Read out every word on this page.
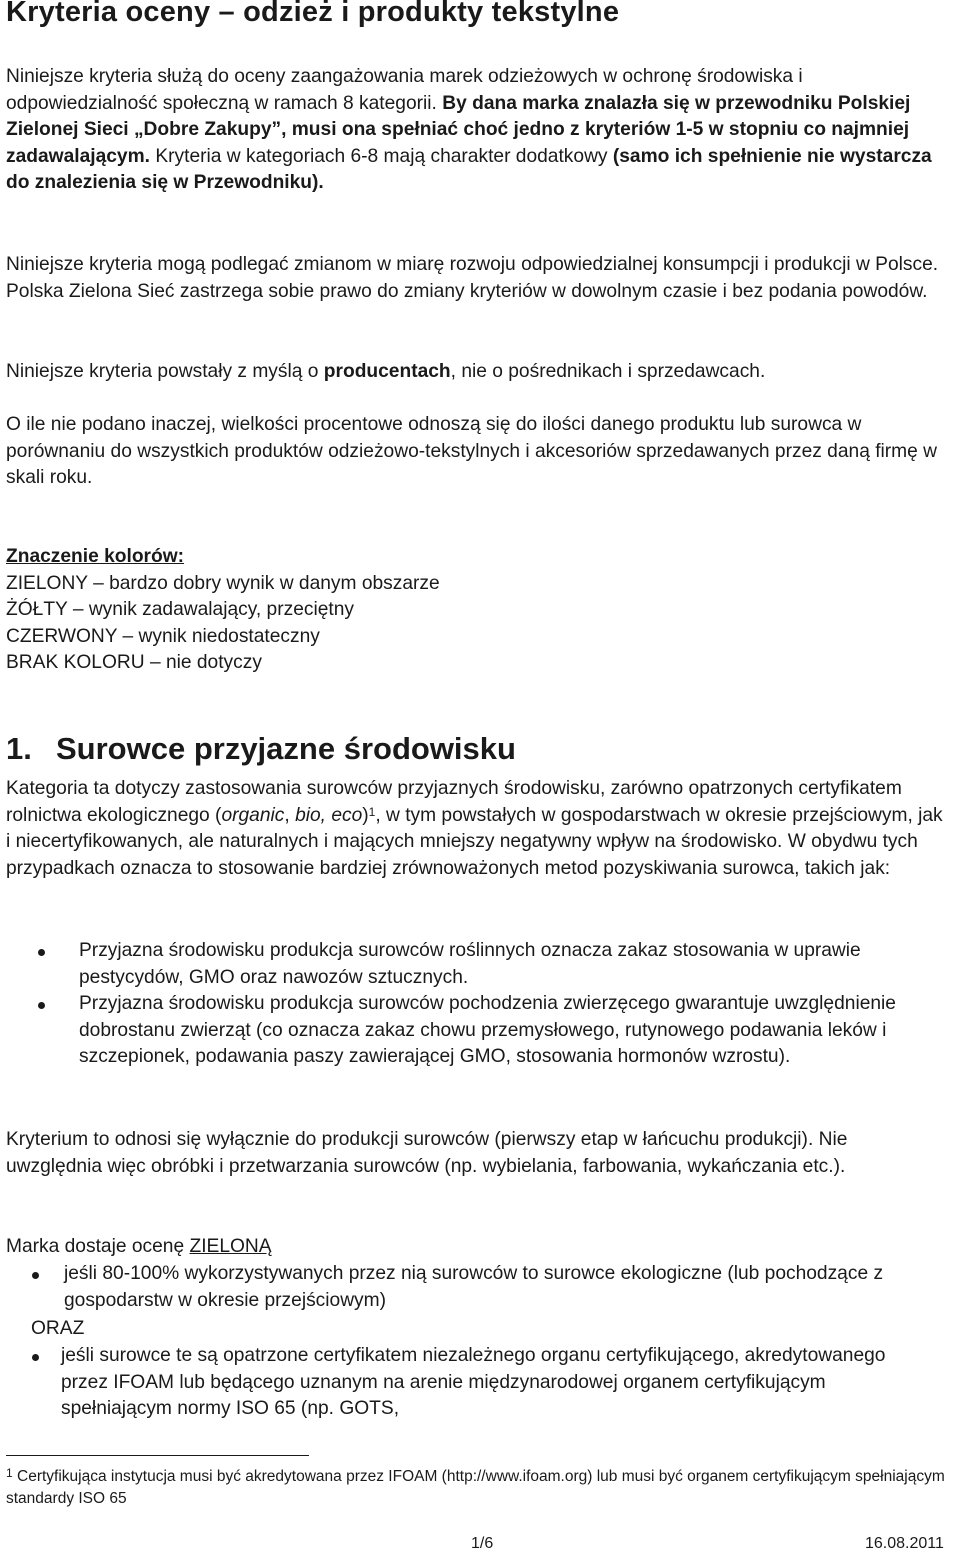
Kryteria oceny – odzież i produkty tekstylne
Niniejsze kryteria służą do oceny zaangażowania marek odzieżowych w ochronę środowiska i odpowiedzialność społeczną w ramach 8 kategorii. By dana marka znalazła się w przewodniku Polskiej Zielonej Sieci „Dobre Zakupy”, musi ona spełniać choć jedno z kryteriów 1-5 w stopniu co najmniej zadawalającym. Kryteria w kategoriach 6-8 mają charakter dodatkowy (samo ich spełnienie nie wystarcza do znalezienia się w Przewodniku).
Niniejsze kryteria mogą podlegać zmianom w miarę rozwoju odpowiedzialnej konsumpcji i produkcji w Polsce. Polska Zielona Sieć zastrzega sobie prawo do zmiany kryteriów w dowolnym czasie i bez podania powodów.
Niniejsze kryteria powstały z myślą o producentach, nie o pośrednikach i sprzedawcach.
O ile nie podano inaczej, wielkości procentowe odnoszą się do ilości danego produktu lub surowca w porównaniu do wszystkich produktów odzieżowo-tekstylnych i akcesoriów sprzedawanych przez daną firmę w skali roku.
Znaczenie kolorów:
ZIELONY – bardzo dobry wynik w danym obszarze
ŻÓŁTY – wynik zadawalający, przeciętny
CZERWONY – wynik niedostateczny
BRAK KOLORU – nie dotyczy
1. Surowce przyjazne środowisku
Kategoria ta dotyczy zastosowania surowców przyjaznych środowisku, zarówno opatrzonych certyfikatem rolnictwa ekologicznego (organic, bio, eco)$^1$, w tym powstałych w gospodarstwach w okresie przejściowym, jak i niecertyfikowanych, ale naturalnych i mających mniejszy negatywny wpływ na środowisko. W obydwu tych przypadkach oznacza to stosowanie bardziej zrównoważonych metod pozyskiwania surowca, takich jak:
Przyjazna środowisku produkcja surowców roślinnych oznacza zakaz stosowania w uprawie pestycydów, GMO oraz nawozów sztucznych.
Przyjazna środowisku produkcja surowców pochodzenia zwierzęcego gwarantuje uwzględnienie dobrostanu zwierząt (co oznacza zakaz chowu przemysłowego, rutynowego podawania leków i szczepionek, podawania paszy zawierającej GMO, stosowania hormonów wzrostu).
Kryterium to odnosi się wyłącznie do produkcji surowców (pierwszy etap w łańcuchu produkcji). Nie uwzględnia więc obróbki i przetwarzania surowców (np. wybielania, farbowania, wykańczania etc.).
Marka dostaje ocenę ZIELONĄ
jeśli 80-100% wykorzystywanych przez nią surowców to surowce ekologiczne (lub pochodzące z gospodarstw w okresie przejściowym)
ORAZ
jeśli surowce te są opatrzone certyfikatem niezależnego organu certyfikującego, akredytowanego przez IFOAM lub będącego uznanym na arenie międzynarodowej organem certyfikującym spełniającym normy ISO 65 (np. GOTS,
$^1$ Certyfikująca instytucja musi być akredytowana przez IFOAM (http://www.ifoam.org) lub musi być organem certyfikującym spełniającym standardy ISO 65
1/6	16.08.2011
